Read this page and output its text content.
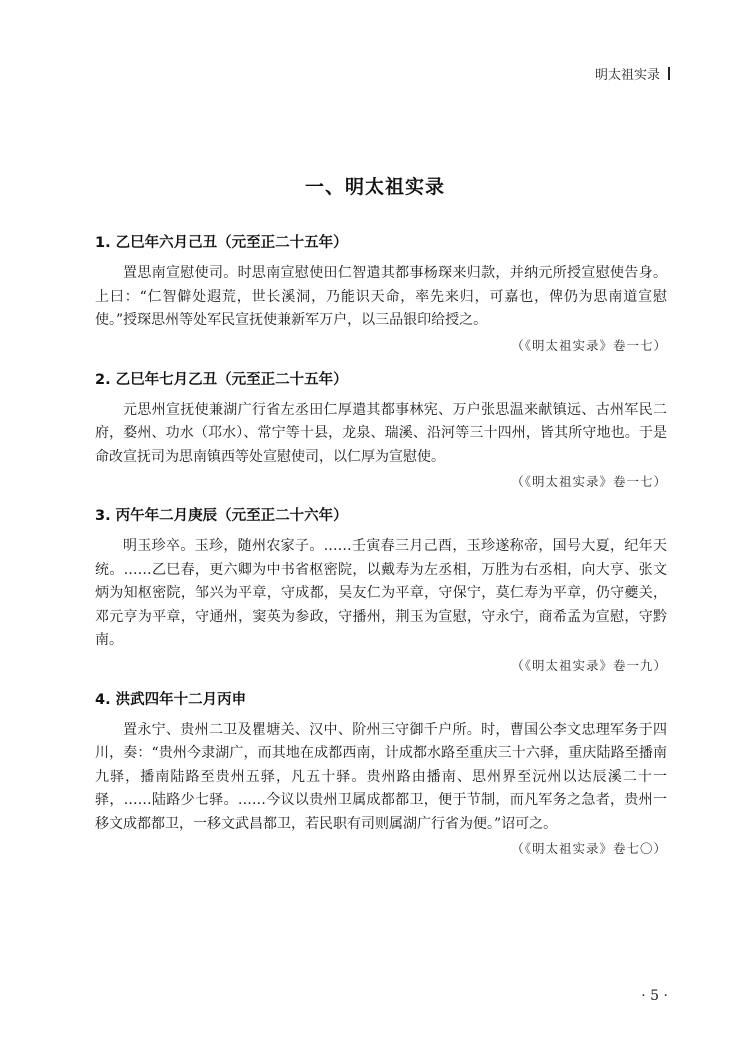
明太祖实录
一、明太祖实录
1. 乙巳年六月己丑（元至正二十五年）

置思南宣慰使司。时思南宣慰使田仁智遣其都事杨琛来归款，并纳元所授宣慰使告身。上曰：“仁智僻处遐荒，世长溪洞，乃能识天命，率先来归，可嘉也，俾仍为思南道宣慰使。”授琛思州等处军民宣抚使兼新军万户，以三品银印给授之。

（《明太祖实录》卷一七）
2. 乙巳年七月乙丑（元至正二十五年）

元思州宣抚使兼湖广行省左丞田仁厚遣其都事林宪、万户张思温来献镇远、古州军民二府，婺州、功水（邛水）、常宁等十县，龙泉、瑞溪、沿河等三十四州，皆其所守地也。于是命改宣抚司为思南镇西等处宣慰使司，以仁厚为宣慰使。

（《明太祖实录》卷一七）
3. 丙午年二月庚辰（元至正二十六年）

明玉珍卒。玉珍，随州农家子。……壬寅春三月己酉，玉珍遂称帝，国号大夏，纪年天统。……乙巳春，更六卿为中书省枢密院，以戴寿为左丞相，万胜为右丞相，向大亨、张文炳为知枢密院，邹兴为平章，守成都，吴友仁为平章，守保宁，莫仁寿为平章，仍守夔关，邓元亨为平章，守通州，窦英为参政，守播州，荆玉为宣慰，守永宁，商希孟为宣慰，守黔南。

（《明太祖实录》卷一九）
4. 洪武四年十二月丙申

置永宁、贵州二卫及瞿塘关、汉中、阶州三守御千户所。时，曹国公李文忠理军务于四川，奏：“贵州今隶湖广，而其地在成都西南，计成都水路至重庆三十六驿，重庆陆路至播南九驿，播南陆路至贵州五驿，凡五十驿。贵州路由播南、思州界至沅州以达辰溪二十一驿，……陆路少七驿。……今议以贵州卫属成都都卫，便于节制，而凡军务之急者，贵州一移文成都都卫，一移文武昌都卫，若民职有司则属湖广行省为便。”诏可之。

（《明太祖实录》卷七〇）
· 5 ·
